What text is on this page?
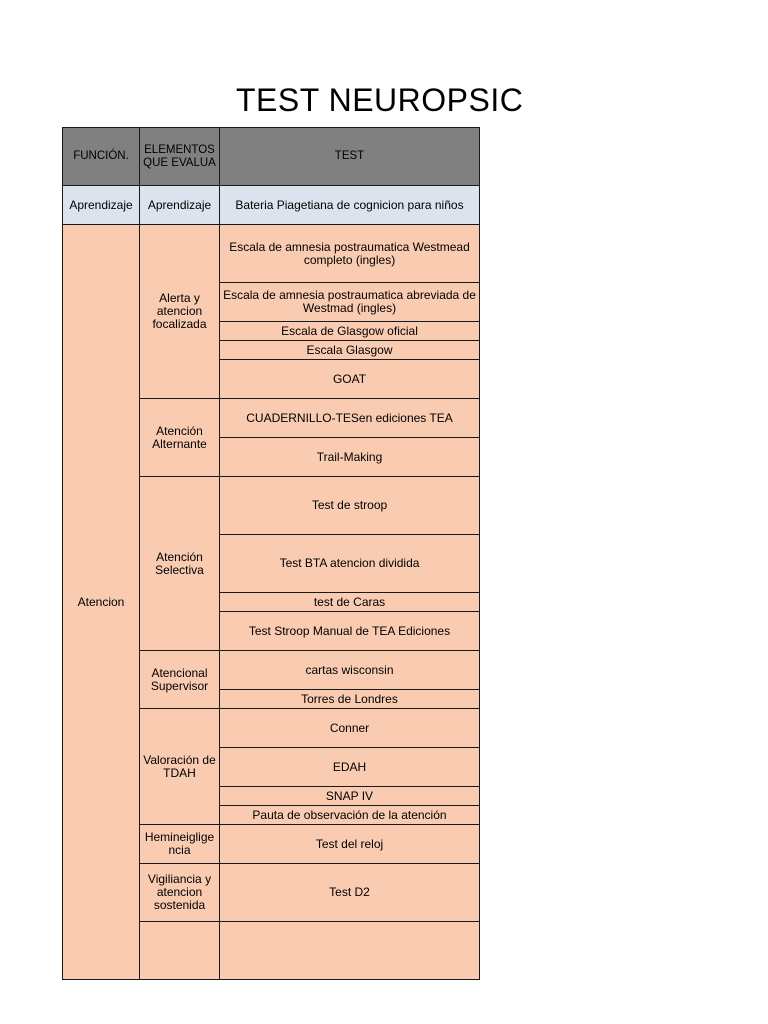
TEST NEUROPSIC
FUNCIÓN.	ELEMENTOS QUE EVALUA	TEST
Aprendizaje	Aprendizaje	Bateria Piagetiana de cognicion para niños
Atencion	Alerta y atencion focalizada	Escala de amnesia postraumatica Westmead completo (ingles)
		Escala de amnesia postraumatica abreviada de Westmad (ingles)
		Escala de Glasgow oficial
		Escala Glasgow
		GOAT
	Atención Alternante	CUADERNILLO-TESen ediciones TEA
		Trail-Making
	Atención Selectiva	Test de stroop
		Test BTA atencion dividida
		test de Caras
		Test Stroop Manual de TEA Ediciones
	Atencional Supervisor	cartas wisconsin
		Torres de Londres
	Valoración de TDAH	Conner
		EDAH
		SNAP IV
		Pauta de observación de la atención
	Hemineiglige ncia	Test del reloj
	Vigiliancia y atencion sostenida	Test D2
